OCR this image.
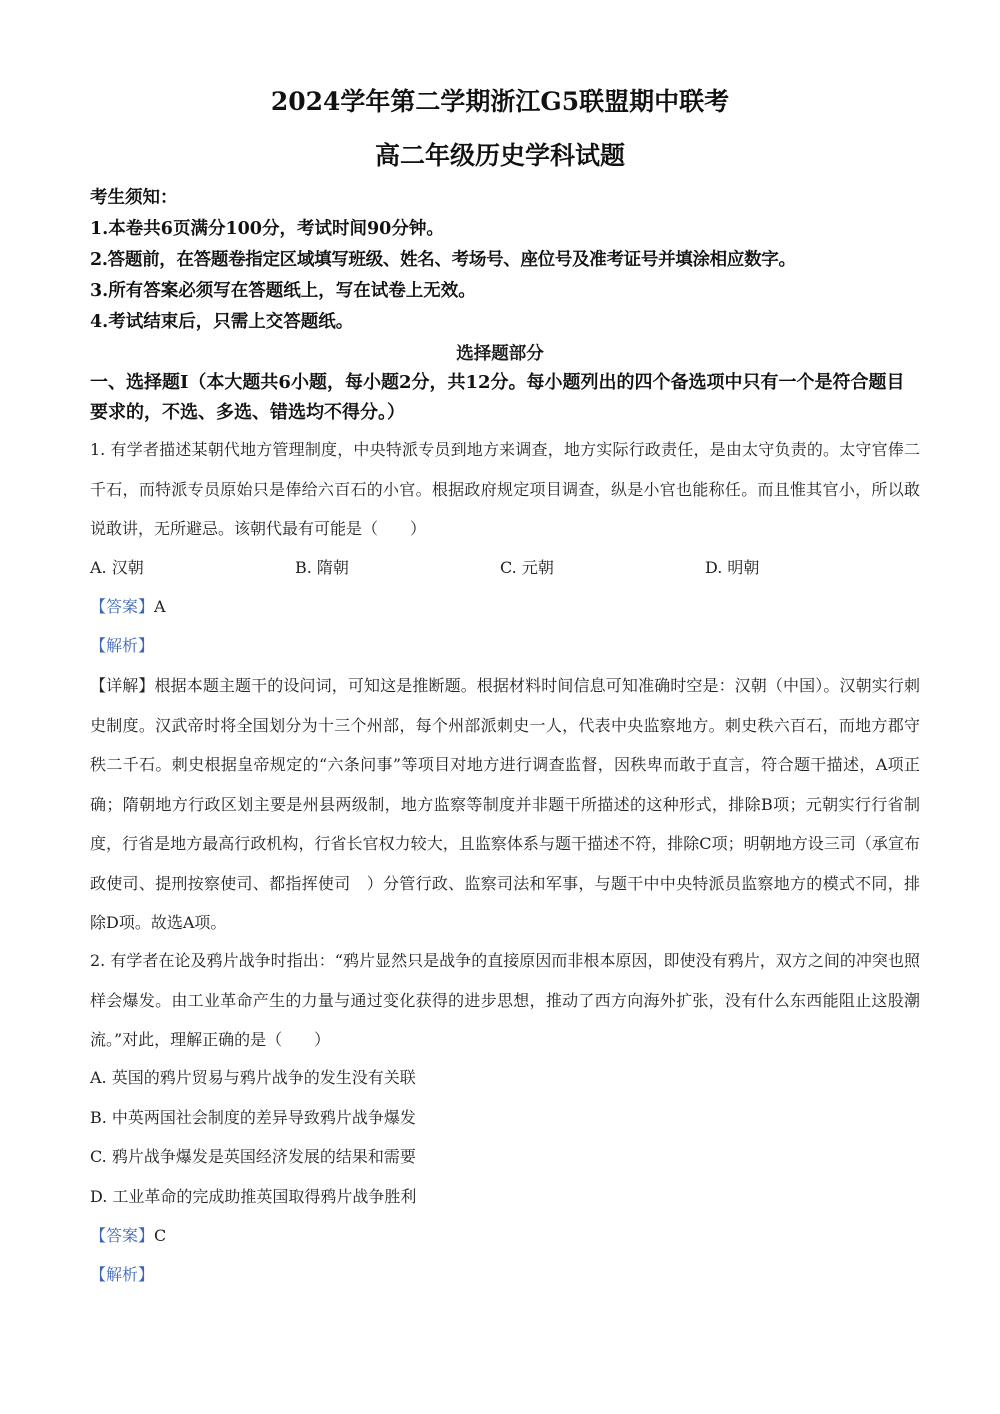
2024学年第二学期浙江G5联盟期中联考
高二年级历史学科试题
考生须知：
1.本卷共6页满分100分，考试时间90分钟。
2.答题前，在答题卷指定区域填写班级、姓名、考场号、座位号及准考证号并填涂相应数字。
3.所有答案必须写在答题纸上，写在试卷上无效。
4.考试结束后，只需上交答题纸。
选择题部分
一、选择题Ⅰ（本大题共6小题，每小题2分，共12分。每小题列出的四个备选项中只有一个是符合题目要求的，不选、多选、错选均不得分。）
1. 有学者描述某朝代地方管理制度，中央特派专员到地方来调查，地方实际行政责任，是由太守负责的。太守官俸二千石，而特派专员原始只是俸给六百石的小官。根据政府规定项目调查，纵是小官也能称任。而且惟其官小，所以敢说敢讲，无所避忌。该朝代最有可能是（　　）
A. 汉朝	B. 隋朝	C. 元朝	D. 明朝
【答案】A
【解析】
【详解】根据本题主题干的设问词，可知这是推断题。根据材料时间信息可知准确时空是：汉朝（中国）。汉朝实行刺史制度。汉武帝时将全国划分为十三个州部，每个州部派刺史一人，代表中央监察地方。刺史秩六百石，而地方郡守秩二千石。刺史根据皇帝规定的“六条问事”等项目对地方进行调查监督，因秩卑而敢于直言，符合题干描述，A项正确；隋朝地方行政区划主要是州县两级制，地方监察等制度并非题干所描述的这种形式，排除B项；元朝实行行省制度，行省是地方最高行政机构，行省长官权力较大，且监察体系与题干描述不符，排除C项；明朝地方设三司（承宣布政使司、提刑按察使司、都指挥使司　）分管行政、监察司法和军事，与题干中中央特派员监察地方的模式不同，排除D项。故选A项。
2. 有学者在论及鸦片战争时指出：“鸦片显然只是战争的直接原因而非根本原因，即使没有鸦片，双方之间的冲突也照样会爆发。由工业革命产生的力量与通过变化获得的进步思想，推动了西方向海外扩张，没有什么东西能阻止这股潮流。”对此，理解正确的是（　　）
A. 英国的鸦片贸易与鸦片战争的发生没有关联
B. 中英两国社会制度的差异导致鸦片战争爆发
C. 鸦片战争爆发是英国经济发展的结果和需要
D. 工业革命的完成助推英国取得鸦片战争胜利
【答案】C
【解析】
